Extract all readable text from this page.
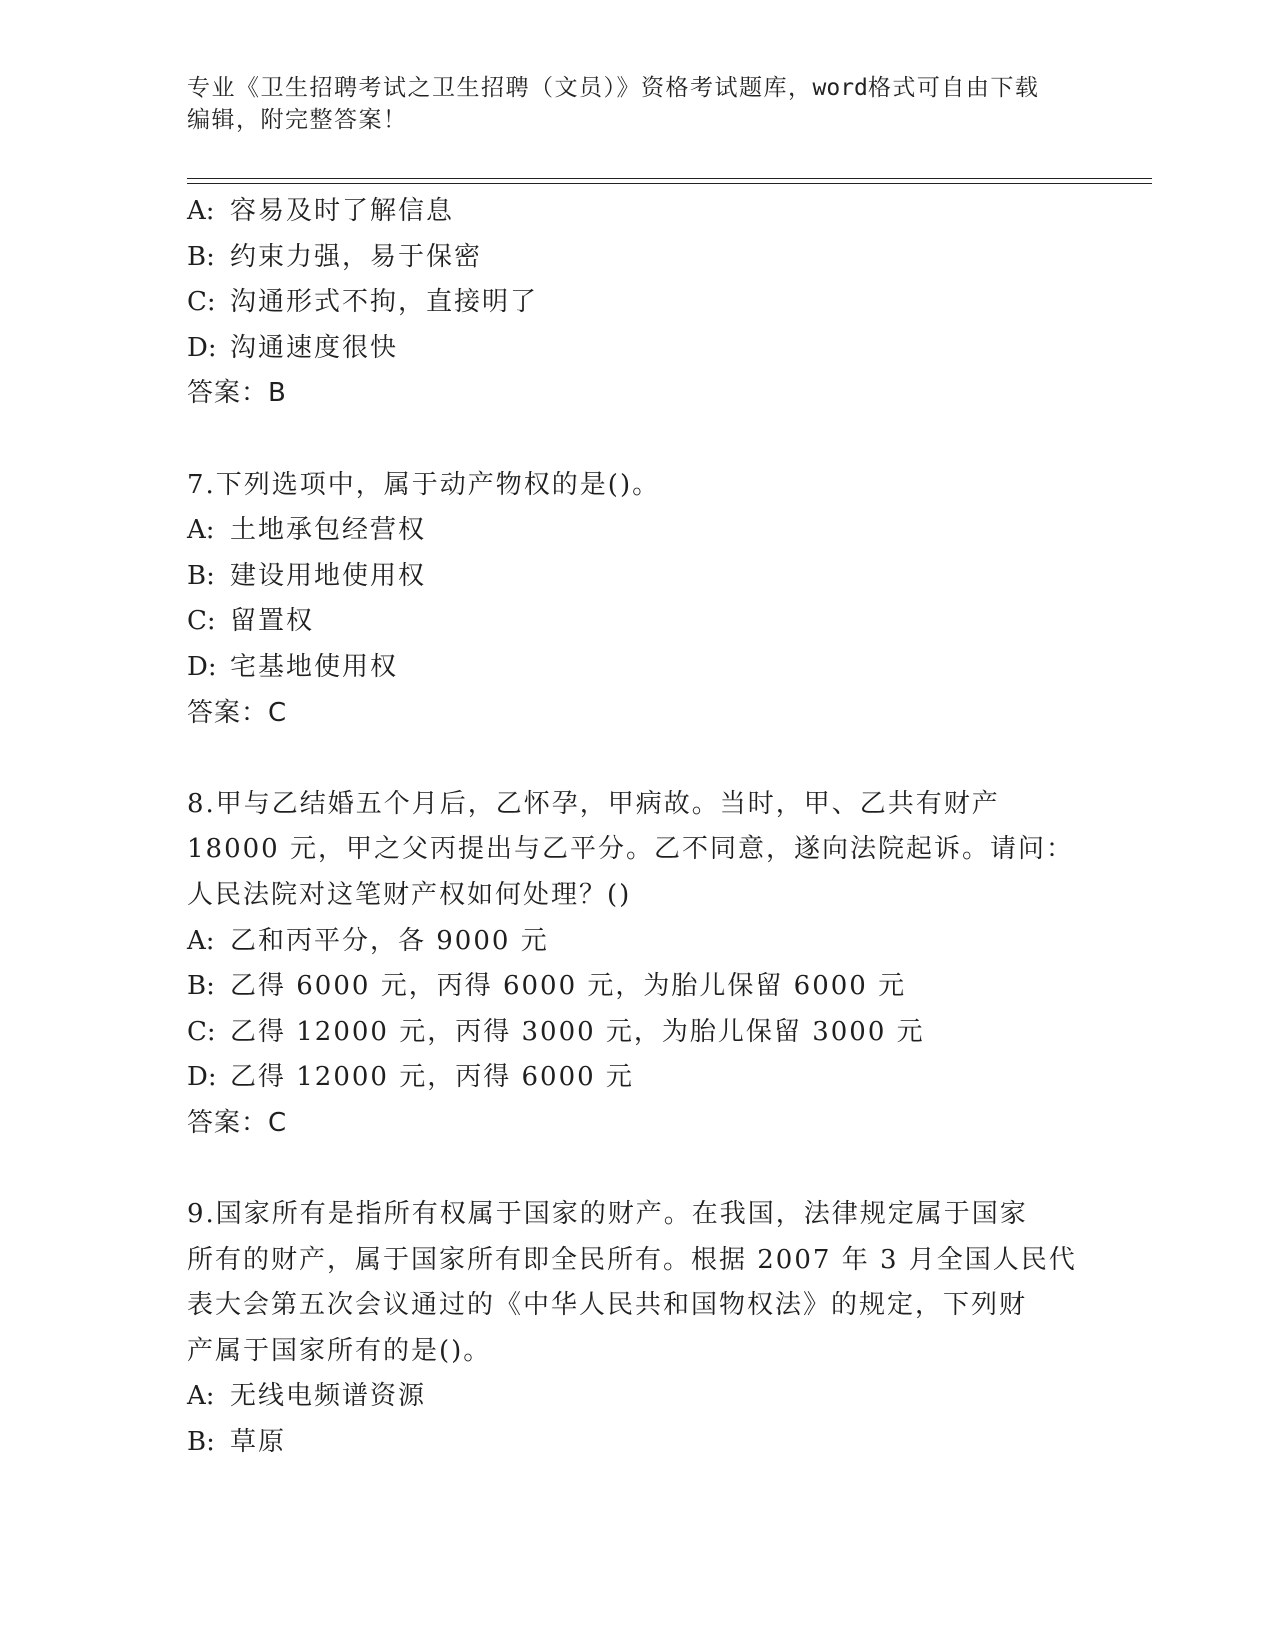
专业《卫生招聘考试之卫生招聘（文员）》资格考试题库，word格式可自由下载
编辑，附完整答案！
A: 容易及时了解信息
B: 约束力强，易于保密
C: 沟通形式不拘，直接明了
D: 沟通速度很快
答案：B
7.下列选项中，属于动产物权的是()。
A: 土地承包经营权
B: 建设用地使用权
C: 留置权
D: 宅基地使用权
答案：C
8.甲与乙结婚五个月后，乙怀孕，甲病故。当时，甲、乙共有财产
18000 元，甲之父丙提出与乙平分。乙不同意，遂向法院起诉。请问：
人民法院对这笔财产权如何处理？()
A: 乙和丙平分，各 9000 元
B: 乙得 6000 元，丙得 6000 元，为胎儿保留 6000 元
C: 乙得 12000 元，丙得 3000 元，为胎儿保留 3000 元
D: 乙得 12000 元，丙得 6000 元
答案：C
9.国家所有是指所有权属于国家的财产。在我国，法律规定属于国家
所有的财产，属于国家所有即全民所有。根据 2007 年 3 月全国人民代
表大会第五次会议通过的《中华人民共和国物权法》的规定，下列财
产属于国家所有的是()。
A: 无线电频谱资源
B: 草原
